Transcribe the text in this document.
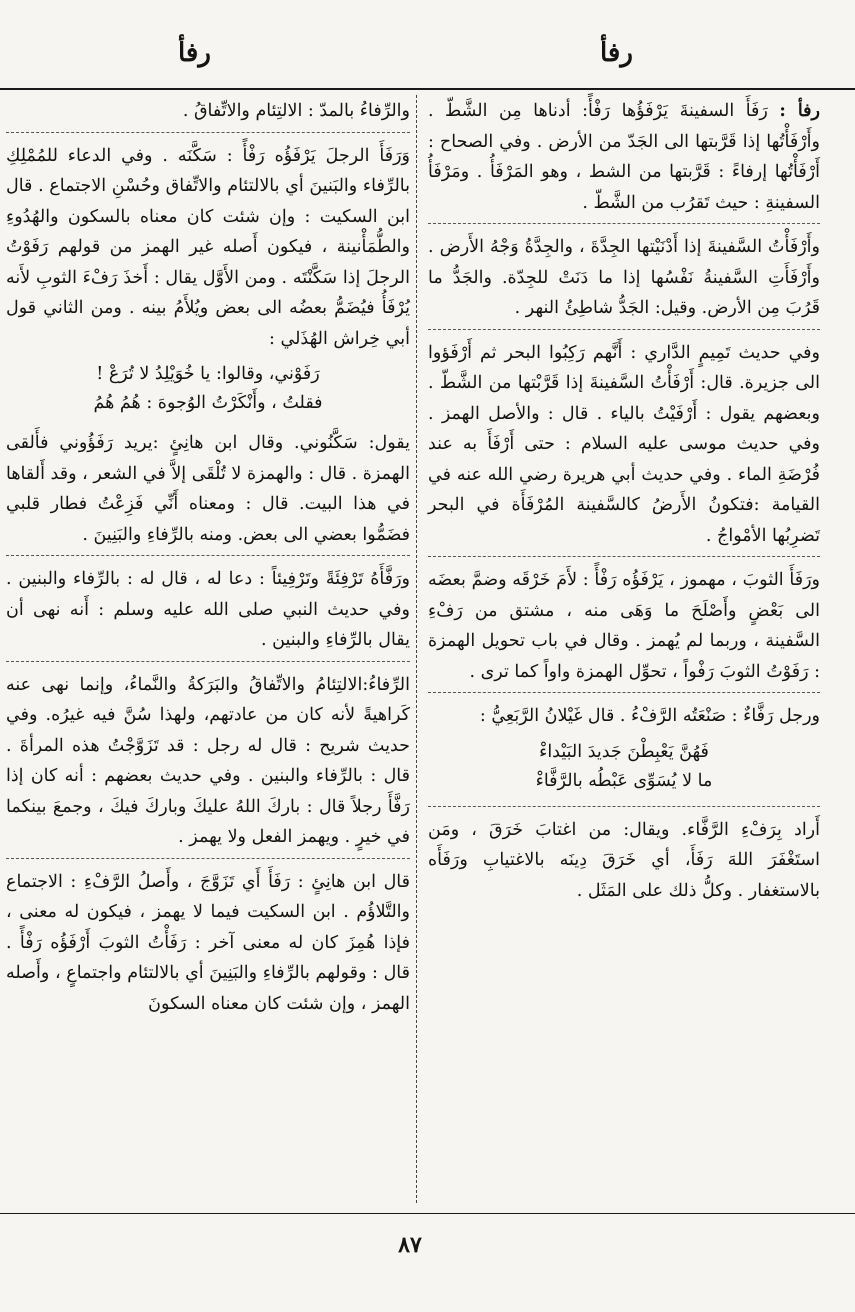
رفأ
رفأ

رفأ : رَفَأَ السفينةَ يَرْفَؤُها رَفْأً: أدناها مِن الشَّطّ . وأَرْفَأْتُها إذا قَرَّبتها الى الجَدّ من الأرض . وفي الصحاح : أَرْفَأْتُها إرفاءً : قَرَّبتها من الشط ، وهو المَرْفَأُ . ومَرْفَأُ السفينةِ : حيث تَقرُب من الشَّطّ .

وأَرْفَأْتُ السَّفينةَ إذا أَدْنَيْتها الجِدَّةَ ، والجِدَّةُ وَجْهُ الأَرض . وأَرْفَأَتِ السَّفينةُ نَفْسُها إذا ما دَنَتْ للجِدّة. والجَدُّ ما قَرُبَ مِن الأرض. وقيل: الجَدُّ شاطِئُ النهر .

وفي حديث تَمِيمٍ الدَّاري : أَنَّهم رَكِبُوا البحر ثم أَرْفَؤوا الى جزيرة. قال: أَرْفَأْتُ السَّفينةَ إذا قَرَّبْتها من الشَّطّ . وبعضهم يقول : أَرْفَيْتُ بالياء . قال : والأصل الهمز . وفي حديث موسى عليه السلام : حتى أَرْفَأَ به عند فُرْضَةِ الماء . وفي حديث أبي هريرة رضي الله عنه في القيامة :فتكونُ الأَرضُ كالسَّفينة المُرْفَأَة في البحر تَضرِبُها الأمْواجُ .

ورَفَأَ الثوبَ ، مهموز ، يَرْفَؤُه رَفْأً : لأَمَ خَرْقَه وضمَّ بعضَه الى بَعْضٍ وأَصْلَحَ ما وَهَى منه ، مشتق من رَفْءِ السَّفينة ، وربما لم يُهمز . وقال في باب تحويل الهمزة : رَفَوْتُ الثوبَ رَفْواً ، تحوِّل الهمزة واواً كما ترى .

ورجل رَفَّاءٌ : صَنْعَتُه الرَّفْءُ . قال غَيْلانُ الرَّبَعِيُّ :

فَهُنَّ يَعْبِطْنَ جَديدَ البَيْداءْ
ما لا يُسَوِّى عَبْطُه بالرَّفَّاءْ

أَراد بِرَفْءِ الرَّفَّاء. ويقال: من اغتابَ خَرَقَ ، ومَن استَغْفَرَ اللهَ رَفَأَ، أي خَرَقَ دِينَه بالاغتيابِ ورَفَأَه بالاستغفار . وكلُّ ذلك على المَثَل .

والرِّفاءُ بالمدّ : الالتِئام والاتِّفاقُ .

وَرَفَأَ الرجلَ يَرْفَؤُه رَفْأً : سَكَّنَه . وفي الدعاء للمُمْلِكِ بالرِّفاء والبَنينَ أي بالالتئام والاتِّفاق وحُسْنِ الاجتماع . قال ابن السكيت : وإن شئت كان معناه بالسكون والهُدُوءِ والطُّمَأْنينة ، فيكون أَصله غير الهمز من قولهم رَفَوْتُ الرجلَ إذا سَكَّنْتَه . ومن الأَوَّل يقال : أَخذَ رَفْءَ الثوبِ لأَنه يُرْفَأُ فيُضَمُّ بعضُه الى بعض ويُلأَمُ بينه . ومن الثاني قول أبي خِراش الهُذَلي :

رَفَوْني، وقالوا: يا خُوَيْلِدُ لا تُرَعْ !
فقلتُ ، وأَنْكَرْتُ الوُجوهَ : هُمُ هُمُ

يقول: سَكَّنُوني. وقال ابن هانِئٍ :يريد رَفَؤُوني فأَلقى الهمزة . قال : والهمزة لا تُلْقَى إلاَّ في الشعر ، وقد أَلقاها في هذا البيت. قال : ومعناه أَنِّي فَزِعْتُ فطار قلبي فضَمُّوا بعضي الى بعض. ومنه بالرِّفاءِ والبَنِينَ .

ورَفَّأَهُ تَرْفِئَةً وتَرْفِيئاً : دعا له ، قال له : بالرِّفاء والبنين . وفي حديث النبي صلى الله عليه وسلم : أَنه نهى أن يقال بالرِّفاءِ والبنين .

الرِّفاءُ:الالتِئامُ والاتِّفاقُ والبَرَكةُ والنَّماءُ، وإنما نهى عنه كَراهيةً لأنه كان من عادتهم، ولهذا سُنَّ فيه غيرُه. وفي حديث شريح : قال له رجل : قد تَزَوَّجْتُ هذه المرأةَ . قال : بالرِّفاء والبنين . وفي حديث بعضهم : أنه كان إذا رَفَّأَ رجلاً قال : باركَ اللهُ عليكَ وباركَ فيكَ ، وجمعَ بينكما في خيرٍ . ويهمز الفعل ولا يهمز .

قال ابن هانِئٍ : رَفَأَ أَي تَزَوَّجَ ، وأَصلُ الرَّفْءِ : الاجتماع والتَّلاؤُم . ابن السكيت فيما لا يهمز ، فيكون له معنى ، فإذا هُمِزَ كان له معنى آخر : رَفَأْتُ الثوبَ أَرْفَؤُه رَفْأً . قال : وقولهم بالرِّفاءِ والبَنِينَ أي بالالتئام واجتماعٍ ، وأَصله الهمز ، وإن شئت كان معناه السكونَ

٨٧
